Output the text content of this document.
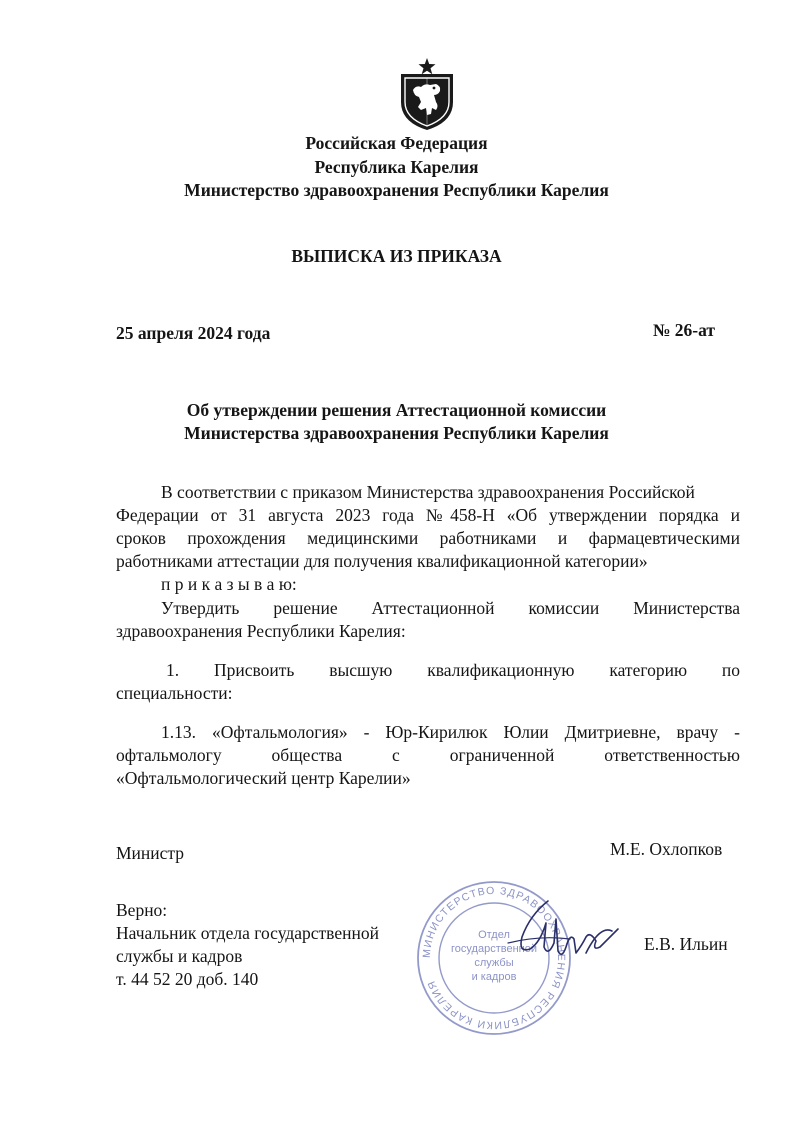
Российская Федерация
Республика Карелия
Министерство здравоохранения Республики Карелия
ВЫПИСКА ИЗ ПРИКАЗА
25 апреля 2024 года	№ 26-ат
Об утверждении решения Аттестационной комиссии
Министерства здравоохранения Республики Карелия
В соответствии с приказом Министерства здравоохранения Российской
Федерации от 31 августа 2023 года №458-Н «Об утверждении порядка и
сроков прохождения медицинскими работниками и фармацевтическими
работниками аттестации для получения квалификационной категории»
п р и к а з ы в а ю:
Утвердить решение Аттестационной комиссии Министерства
здравоохранения Республики Карелия:
1. Присвоить высшую квалификационную категорию по
специальности:
1.13. «Офтальмология» - Юр-Кирилюк Юлии Дмитриевне, врачу -
офтальмологу общества с ограниченной ответственностью
«Офтальмологический центр Карелии»
Министр	М.Е. Охлопков
Верно:
Начальник отдела государственной
службы и кадров
т. 44 52 20 доб. 140
Е.В. Ильин
МИНИСТЕРСТВО ЗДРАВООХРАНЕНИЯ РЕСПУБЛИКИ КАРЕЛИЯ
Отдел
государственной
службы
и кадров
